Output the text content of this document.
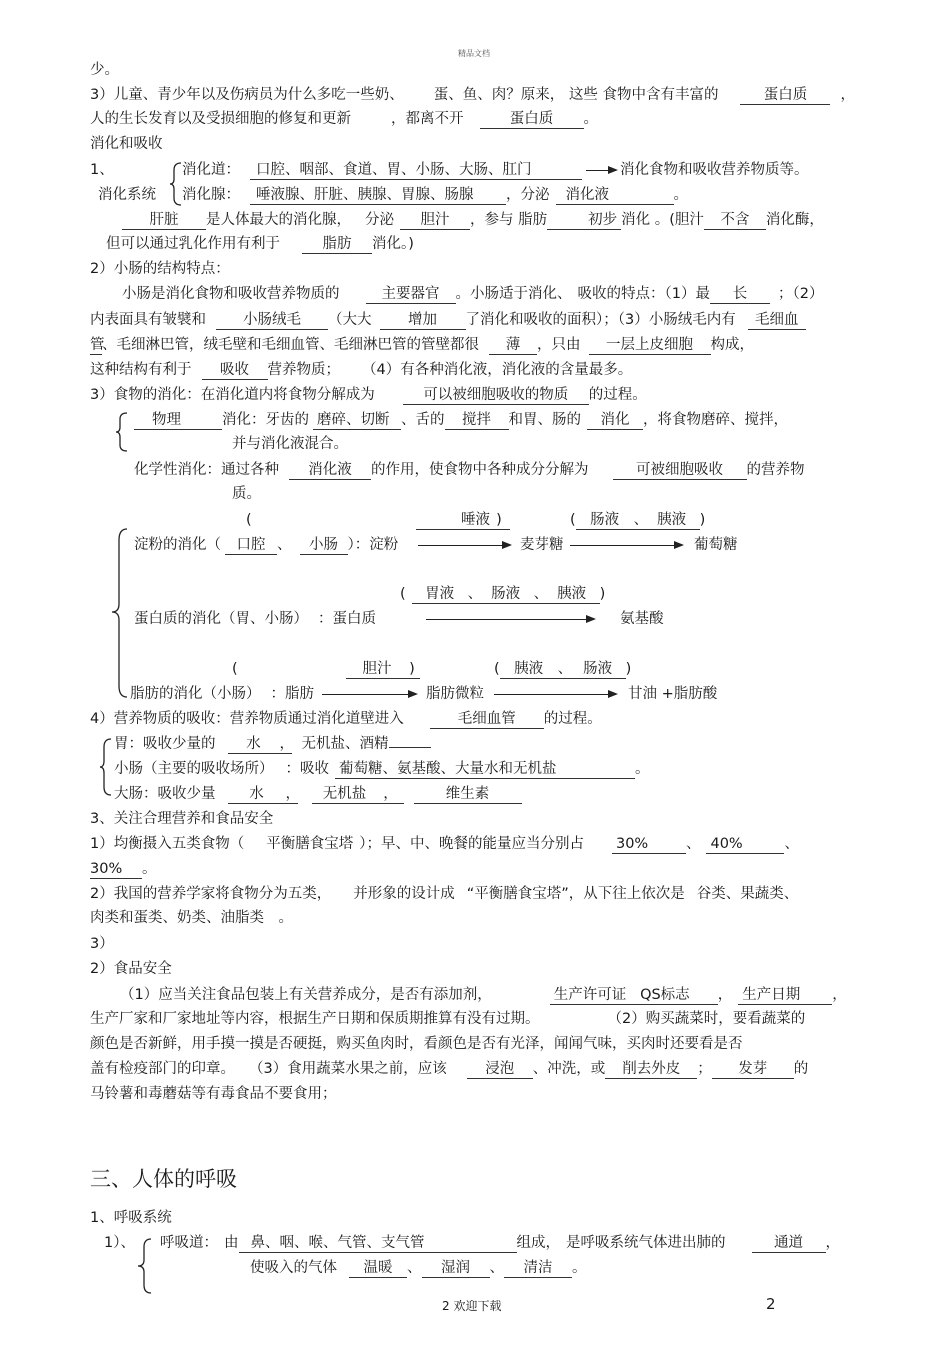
精品文档
少。
3）儿童、青少年以及伤病员为什么多吃一些奶、 蛋、鱼、肉？原来， 这些 食物中含有丰富的	蛋白质 ，
人的生长发育以及受损细胞的修复和更新	，都离不开	蛋白质 。
消化和吸收
1、	消化道： 口腔、咽部、食道、胃、小肠、大肠、肛门	消化食物和吸收营养物质等。
消化系统 消化腺： 唾液腺、肝脏、胰腺、胃腺、肠腺 ，分泌 消化液	。
肝脏 是人体最大的消化腺， 分泌 胆汁 ，参与 脂肪	初步 消化 。(胆汁 不含 消化酶，
但可以通过乳化作用有利于	脂肪 消化。)
2）小肠的结构特点：
小肠是消化食物和吸收营养物质的	主要器官 。小肠适于消化、 吸收的特点：（1）最 长 ；（2）
内表面具有皱襞和	小肠绒毛 （大大	增加 了消化和吸收的面积）；（3）小肠绒毛内有 毛细血
管、毛细淋巴管，绒毛壁和毛细血管、毛细淋巴管的管壁都很 薄 ，只由 一层上皮细胞 构成，
这种结构有利于 吸收 营养物质； （4）有各种消化液，消化液的含量最多。
3）食物的消化：在消化道内将食物分解成为	可以被细胞吸收的物质 的过程。
物理	消化：牙齿的 磨碎、切断 、舌的 搅拌 和胃、肠的 消化 ，将食物磨碎、搅拌，
并与消化液混合。
化学性消化：通过各种 消化液 的作用，使食物中各种成分分解为	可被细胞吸收 的营养物
质。
(	唾液 )	( 肠液 、 胰液 )
淀粉的消化（ 口腔 、 小肠 ）：淀粉	麦芽糖	葡萄糖
( 胃液 、 肠液 、 胰液 )
蛋白质的消化（胃、小肠） ：蛋白质	氨基酸
(	胆汁 )	( 胰液 、 肠液 )
脂肪的消化（小肠） ：脂肪	脂肪微粒	甘油 +脂肪酸
4）营养物质的吸收：营养物质通过消化道壁进入	毛细血管 的过程。
胃：吸收少量的 水 ， 无机盐、酒精
小肠（主要的吸收场所） ：吸收 葡萄糖、氨基酸、大量水和无机盐	。
大肠：吸收少量 水 ， 无机盐 ，	维生素
3、关注合理营养和食品安全
1）均衡摄入五类食物（ 平衡膳食宝塔 ）；早、中、晚餐的能量应当分别占 30%	、 40%	、
30% 。
2）我国的营养学家将食物分为五类， 并形象的设计成 “平衡膳食宝塔”，从下往上依次是 谷类、果蔬类、
肉类和蛋类、奶类、油脂类　。
3）
2）食品安全
（1）应当关注食品包装上有关营养成分，是否有添加剂，	生产许可证 QS标志 ， 生产日期 ，
生产厂家和厂家地址等内容，根据生产日期和保质期推算有没有过期。	（2）购买蔬菜时，要看蔬菜的
颜色是否新鲜，用手摸一摸是否硬挺，购买鱼肉时，看颜色是否有光泽，闻闻气味，买肉时还要看是否
盖有检疫部门的印章。 （3）食用蔬菜水果之前，应该	浸泡 、冲洗，或 削去外皮 ； 发芽 的
马铃薯和毒蘑菇等有毒食品不要食用；
三、人体的呼吸
1、呼吸系统
1）、 呼吸道： 由 鼻、咽、喉、气管、支气管	组成， 是呼吸系统气体进出肺的	通道 ，
使吸入的气体 温暖 、 湿润 、 清洁 。
2 欢迎下载	2
